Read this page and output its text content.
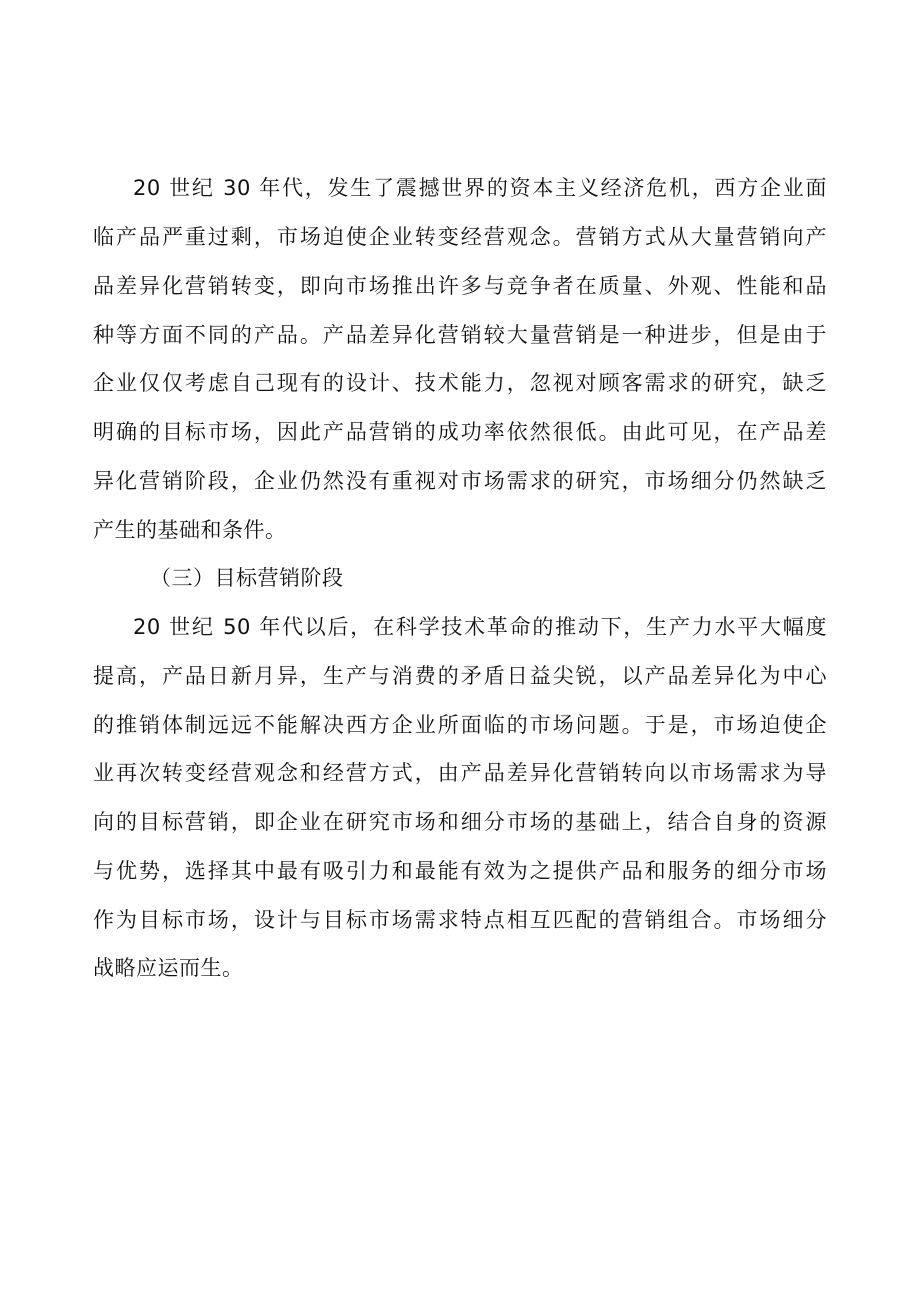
20 世纪 30 年代，发生了震撼世界的资本主义经济危机，西方企业面
临产品严重过剩，市场迫使企业转变经营观念。营销方式从大量营销向产
品差异化营销转变，即向市场推出许多与竞争者在质量、外观、性能和品
种等方面不同的产品。产品差异化营销较大量营销是一种进步，但是由于
企业仅仅考虑自己现有的设计、技术能力，忽视对顾客需求的研究，缺乏
明确的目标市场，因此产品营销的成功率依然很低。由此可见，在产品差
异化营销阶段，企业仍然没有重视对市场需求的研究，市场细分仍然缺乏
产生的基础和条件。
（三）目标营销阶段
20 世纪 50 年代以后，在科学技术革命的推动下，生产力水平大幅度
提高，产品日新月异，生产与消费的矛盾日益尖锐，以产品差异化为中心
的推销体制远远不能解决西方企业所面临的市场问题。于是，市场迫使企
业再次转变经营观念和经营方式，由产品差异化营销转向以市场需求为导
向的目标营销，即企业在研究市场和细分市场的基础上，结合自身的资源
与优势，选择其中最有吸引力和最能有效为之提供产品和服务的细分市场
作为目标市场，设计与目标市场需求特点相互匹配的营销组合。市场细分
战略应运而生。
